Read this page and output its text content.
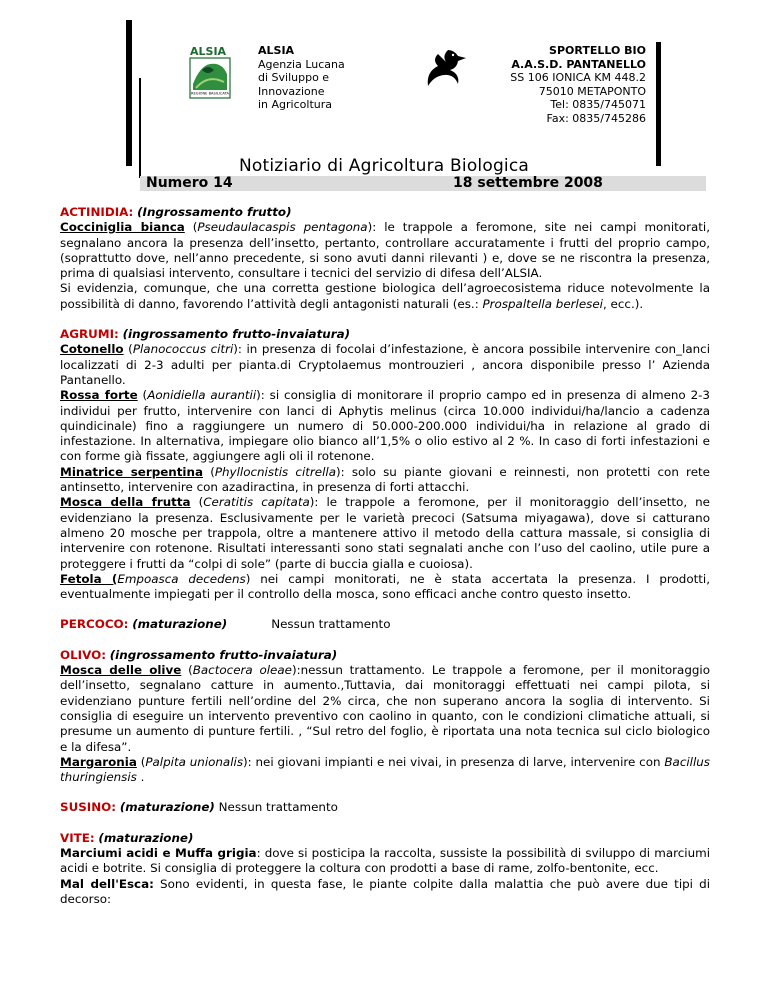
ALSIA
REGIONE BASILICATA
ALSIA
Agenzia Lucana
di Sviluppo e
Innovazione
in Agricoltura
SPORTELLO BIO
A.A.S.D. PANTANELLO
SS 106 IONICA KM 448.2
75010 METAPONTO
Tel: 0835/745071
Fax: 0835/745286
Notiziario di Agricoltura Biologica
Numero 14	18 settembre 2008

ACTINIDIA: (Ingrossamento frutto)

Cocciniglia bianca (Pseudaulacaspis pentagona): le trappole a feromone, site nei campi monitorati, segnalano ancora la presenza dell’insetto, pertanto, controllare accuratamente i frutti del proprio campo, (soprattutto dove, nell’anno precedente, si sono avuti danni rilevanti ) e, dove se ne riscontra la presenza, prima di qualsiasi intervento, consultare i tecnici del servizio di difesa dell’ALSIA.

Si evidenzia, comunque, che una corretta gestione biologica dell’agroecosistema riduce notevolmente la possibilità di danno, favorendo l’attività degli antagonisti naturali (es.: Prospaltella berlesei, ecc.).

AGRUMI: (ingrossamento frutto-invaiatura)

Cotonello (Planococcus citri): in presenza di focolai d’infestazione, è ancora possibile intervenire con_lanci localizzati di 2-3 adulti per pianta.di Cryptolaemus montrouzieri , ancora disponibile presso l’ Azienda Pantanello.

Rossa forte (Aonidiella aurantii): si consiglia di monitorare il proprio campo ed in presenza di almeno 2-3 individui per frutto, intervenire con lanci di Aphytis melinus (circa 10.000 individui/ha/lancio a cadenza quindicinale) fino a raggiungere un numero di 50.000-200.000 individui/ha in relazione al grado di infestazione. In alternativa, impiegare olio bianco all’1,5% o olio estivo al 2 %. In caso di forti infestazioni e con forme già fissate, aggiungere agli oli il rotenone.

Minatrice serpentina (Phyllocnistis citrella): solo su piante giovani e reinnesti, non protetti con rete antinsetto, intervenire con azadiractina, in presenza di forti attacchi.

Mosca della frutta (Ceratitis capitata): le trappole a feromone, per il monitoraggio dell’insetto, ne evidenziano la presenza. Esclusivamente per le varietà precoci (Satsuma miyagawa), dove si catturano almeno 20 mosche per trappola, oltre a mantenere attivo il metodo della cattura massale, si consiglia di intervenire con rotenone. Risultati interessanti sono stati segnalati anche con l’uso del caolino, utile pure a proteggere i frutti da “colpi di sole” (parte di buccia gialla e cuoiosa).

Fetola (Empoasca decedens) nei campi monitorati, ne è stata accertata la presenza. I prodotti, eventualmente impiegati per il controllo della mosca, sono efficaci anche contro questo insetto.

PERCOCO: (maturazione)	Nessun trattamento

OLIVO: (ingrossamento frutto-invaiatura)

Mosca delle olive (Bactocera oleae):nessun trattamento. Le trappole a feromone, per il monitoraggio dell’insetto, segnalano catture in aumento.,Tuttavia, dai monitoraggi effettuati nei campi pilota, si evidenziano punture fertili nell’ordine del 2% circa, che non superano ancora la soglia di intervento. Si consiglia di eseguire un intervento preventivo con caolino in quanto, con le condizioni climatiche attuali, si presume un aumento di punture fertili. , “Sul retro del foglio, è riportata una nota tecnica sul ciclo biologico e la difesa”.

Margaronia (Palpita unionalis): nei giovani impianti e nei vivai, in presenza di larve, intervenire con Bacillus thuringiensis .

SUSINO: (maturazione) Nessun trattamento

VITE: (maturazione)

Marciumi acidi e Muffa grigia: dove si posticipa la raccolta, sussiste la possibilità di sviluppo di marciumi acidi e botrite. Si consiglia di proteggere la coltura con prodotti a base di rame, zolfo-bentonite, ecc.

Mal dell'Esca: Sono evidenti, in questa fase, le piante colpite dalla malattia che può avere due tipi di decorso:
